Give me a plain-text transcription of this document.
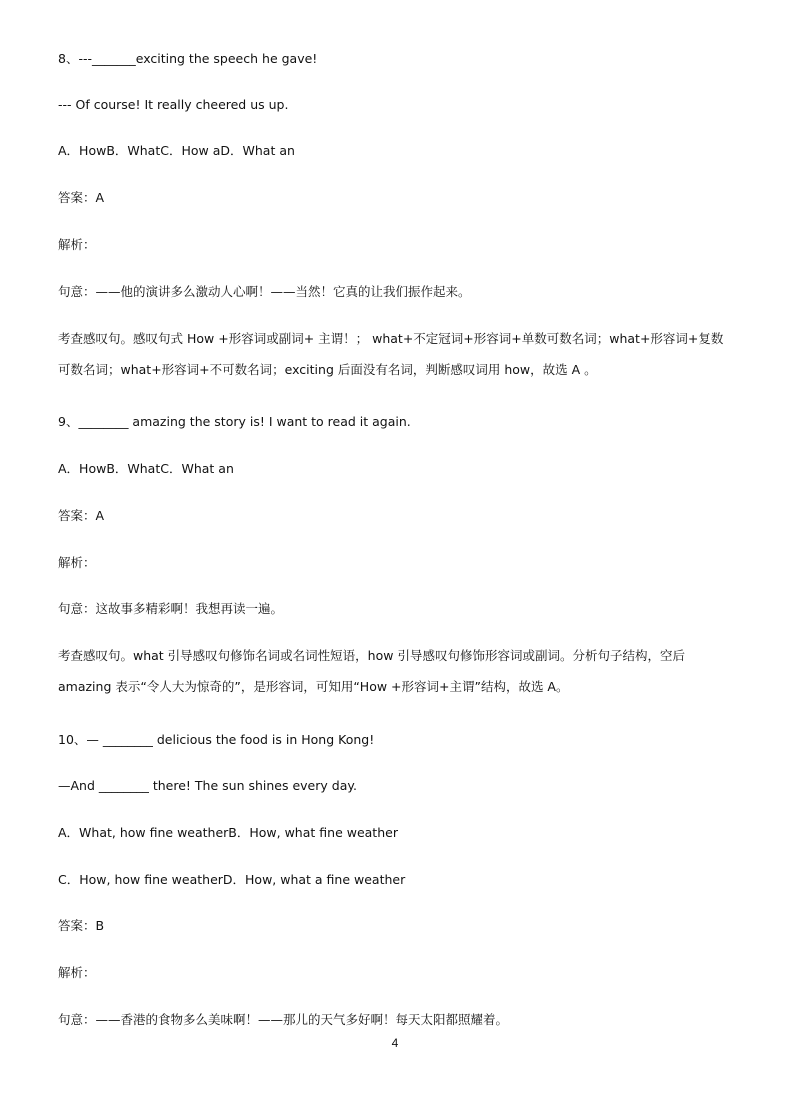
8、---_______exciting the speech he gave!
--- Of course! It really cheered us up.
A．HowB．WhatC．How aD．What an
答案：A
解析：
句意：——他的演讲多么激动人心啊！——当然！它真的让我们振作起来。
考查感叹句。感叹句式 How +形容词或副词+ 主谓！； what+不定冠词+形容词+单数可数名词；what+形容词+复数可数名词；what+形容词+不可数名词；exciting 后面没有名词，判断感叹词用 how，故选 A 。
9、________ amazing the story is! I want to read it again.
A．HowB．WhatC．What an
答案：A
解析：
句意：这故事多精彩啊！我想再读一遍。
考查感叹句。what 引导感叹句修饰名词或名词性短语，how 引导感叹句修饰形容词或副词。分析句子结构，空后 amazing 表示“令人大为惊奇的”，是形容词，可知用“How +形容词+主谓”结构，故选 A。
10、— ________ delicious the food is in Hong Kong!
—And ________ there! The sun shines every day.
A．What, how fine weatherB．How, what fine weather
C．How, how fine weatherD．How, what a fine weather
答案：B
解析：
句意：——香港的食物多么美味啊！——那儿的天气多好啊！每天太阳都照耀着。
4
